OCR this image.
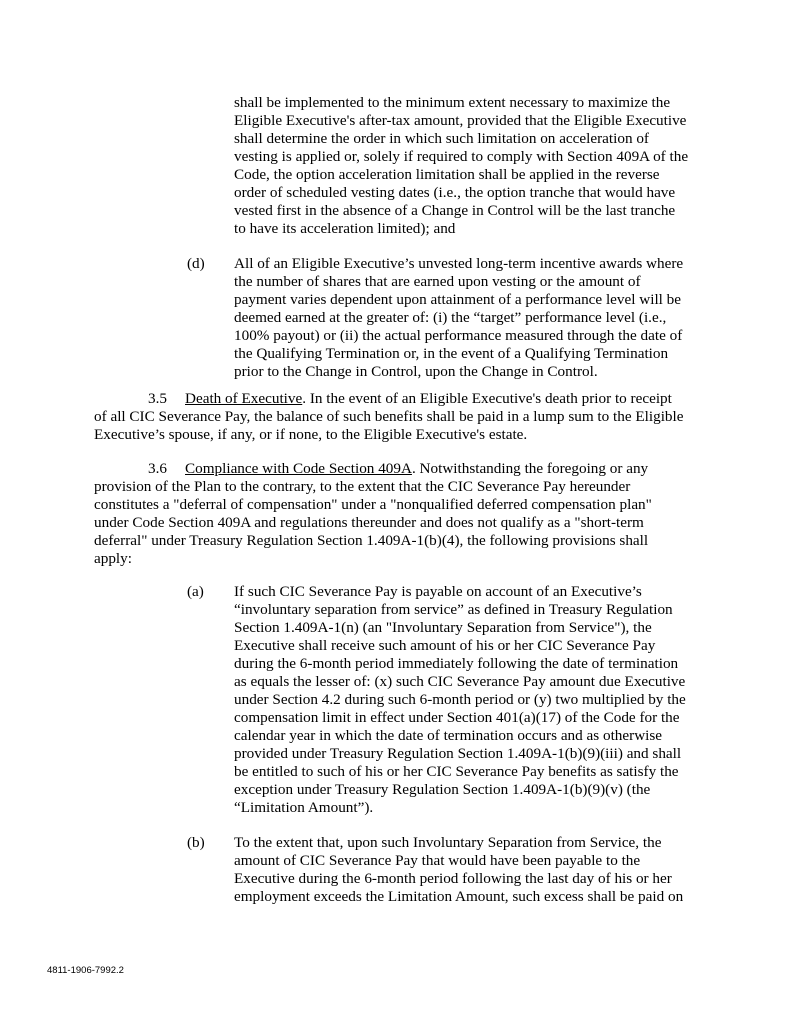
shall be implemented to the minimum extent necessary to maximize the
Eligible Executive's after-tax amount, provided that the Eligible Executive
shall determine the order in which such limitation on acceleration of
vesting is applied or, solely if required to comply with Section 409A of the
Code, the option acceleration limitation shall be applied in the reverse
order of scheduled vesting dates (i.e., the option tranche that would have
vested first in the absence of a Change in Control will be the last tranche
to have its acceleration limited); and
(d) All of an Eligible Executive’s unvested long-term incentive awards where
the number of shares that are earned upon vesting or the amount of
payment varies dependent upon attainment of a performance level will be
deemed earned at the greater of: (i) the “target” performance level (i.e.,
100% payout) or (ii) the actual performance measured through the date of
the Qualifying Termination or, in the event of a Qualifying Termination
prior to the Change in Control, upon the Change in Control.
3.5 Death of Executive. In the event of an Eligible Executive's death prior to receipt
of all CIC Severance Pay, the balance of such benefits shall be paid in a lump sum to the Eligible
Executive’s spouse, if any, or if none, to the Eligible Executive's estate.
3.6 Compliance with Code Section 409A. Notwithstanding the foregoing or any
provision of the Plan to the contrary, to the extent that the CIC Severance Pay hereunder
constitutes a "deferral of compensation" under a "nonqualified deferred compensation plan"
under Code Section 409A and regulations thereunder and does not qualify as a "short-term
deferral" under Treasury Regulation Section 1.409A-1(b)(4), the following provisions shall
apply:
(a) If such CIC Severance Pay is payable on account of an Executive’s
“involuntary separation from service” as defined in Treasury Regulation
Section 1.409A-1(n) (an "Involuntary Separation from Service"), the
Executive shall receive such amount of his or her CIC Severance Pay
during the 6-month period immediately following the date of termination
as equals the lesser of: (x) such CIC Severance Pay amount due Executive
under Section 4.2 during such 6-month period or (y) two multiplied by the
compensation limit in effect under Section 401(a)(17) of the Code for the
calendar year in which the date of termination occurs and as otherwise
provided under Treasury Regulation Section 1.409A-1(b)(9)(iii) and shall
be entitled to such of his or her CIC Severance Pay benefits as satisfy the
exception under Treasury Regulation Section 1.409A-1(b)(9)(v) (the
“Limitation Amount”).
(b) To the extent that, upon such Involuntary Separation from Service, the
amount of CIC Severance Pay that would have been payable to the
Executive during the 6-month period following the last day of his or her
employment exceeds the Limitation Amount, such excess shall be paid on
4811-1906-7992.2
